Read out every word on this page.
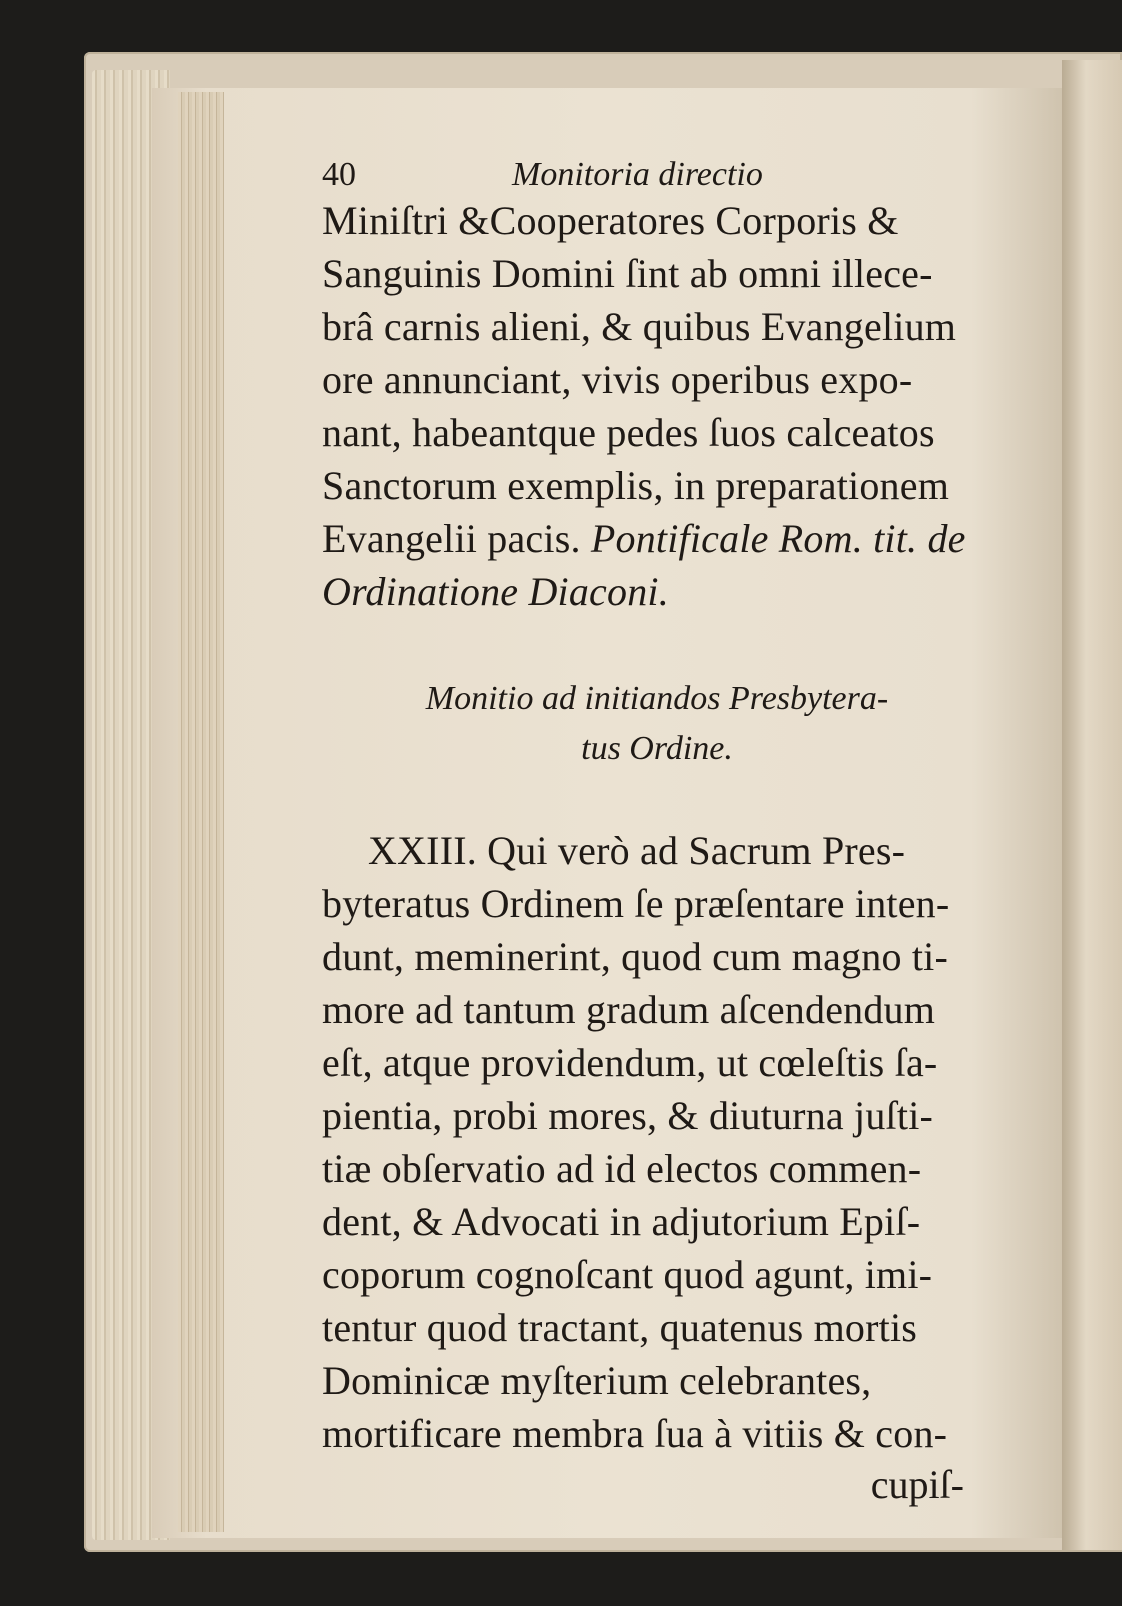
40	Monitoria directio
Miniſtri &Cooperatores Corporis &
Sanguinis Domini ſint ab omni illece-
brâ carnis alieni, & quibus Evangelium
ore annunciant, vivis operibus expo-
nant, habeantque pedes ſuos calceatos
Sanctorum exemplis, in preparationem
Evangelii pacis. Pontificale Rom. tit. de
Ordinatione Diaconi.
Monitio ad initiandos Presbytera-
tus Ordine.
XXIII. Qui verò ad Sacrum Pres-
byteratus Ordinem ſe præſentare inten-
dunt, meminerint, quod cum magno ti-
more ad tantum gradum aſcendendum
eſt, atque providendum, ut cœleſtis ſa-
pientia, probi mores, & diuturna juſti-
tiæ obſervatio ad id electos commen-
dent, & Advocati in adjutorium Epiſ-
coporum cognoſcant quod agunt, imi-
tentur quod tractant, quatenus mortis
Dominicæ myſterium celebrantes,
mortificare membra ſua à vitiis & con-
cupiſ-
